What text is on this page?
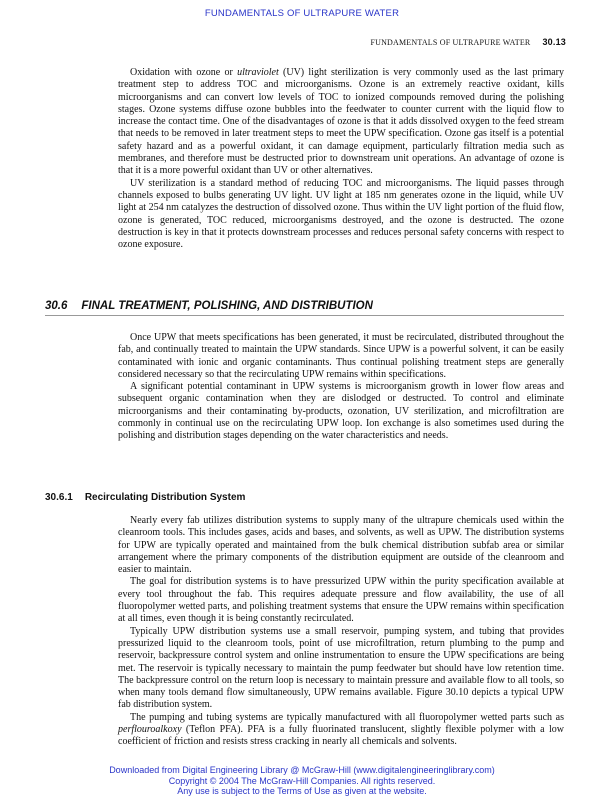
FUNDAMENTALS OF ULTRAPURE WATER
FUNDAMENTALS OF ULTRAPURE WATER 30.13

Oxidation with ozone or ultraviolet (UV) light sterilization is very commonly used as the last primary treatment step to address TOC and microorganisms. Ozone is an extremely reactive oxidant, kills microorganisms and can convert low levels of TOC to ionized compounds removed during the polishing stages. Ozone systems diffuse ozone bubbles into the feedwater to counter current with the liquid flow to increase the contact time. One of the disadvantages of ozone is that it adds dissolved oxygen to the feed stream that needs to be removed in later treatment steps to meet the UPW specification. Ozone gas itself is a potential safety hazard and as a powerful oxidant, it can damage equipment, particularly filtration media such as membranes, and therefore must be destructed prior to downstream unit operations. An advantage of ozone is that it is a more powerful oxidant than UV or other alternatives.

UV sterilization is a standard method of reducing TOC and microorganisms. The liquid passes through channels exposed to bulbs generating UV light. UV light at 185 nm generates ozone in the liquid, while UV light at 254 nm catalyzes the destruction of dissolved ozone. Thus within the UV light portion of the fluid flow, ozone is generated, TOC reduced, microorganisms destroyed, and the ozone is destructed. The ozone destruction is key in that it protects downstream processes and reduces personal safety concerns with respect to ozone exposure.

30.6 FINAL TREATMENT, POLISHING, AND DISTRIBUTION

Once UPW that meets specifications has been generated, it must be recirculated, distributed throughout the fab, and continually treated to maintain the UPW standards. Since UPW is a powerful solvent, it can be easily contaminated with ionic and organic contaminants. Thus continual polishing treatment steps are generally considered necessary so that the recirculating UPW remains within specifications.

A significant potential contaminant in UPW systems is microorganism growth in lower flow areas and subsequent organic contamination when they are dislodged or destructed. To control and eliminate microorganisms and their contaminating by-products, ozonation, UV sterilization, and microfiltration are commonly in continual use on the recirculating UPW loop. Ion exchange is also sometimes used during the polishing and distribution stages depending on the water characteristics and needs.

30.6.1 Recirculating Distribution System

Nearly every fab utilizes distribution systems to supply many of the ultrapure chemicals used within the cleanroom tools. This includes gases, acids and bases, and solvents, as well as UPW. The distribution systems for UPW are typically operated and maintained from the bulk chemical distribution subfab area or similar arrangement where the primary components of the distribution equipment are outside of the cleanroom and easier to maintain.

The goal for distribution systems is to have pressurized UPW within the purity specification available at every tool throughout the fab. This requires adequate pressure and flow availability, the use of all fluoropolymer wetted parts, and polishing treatment systems that ensure the UPW remains within specification at all times, even though it is being constantly recirculated.

Typically UPW distribution systems use a small reservoir, pumping system, and tubing that provides pressurized liquid to the cleanroom tools, point of use microfiltration, return plumbing to the pump and reservoir, backpressure control system and online instrumentation to ensure the UPW specifications are being met. The reservoir is typically necessary to maintain the pump feedwater but should have low retention time. The backpressure control on the return loop is necessary to maintain pressure and available flow to all tools, so when many tools demand flow simultaneously, UPW remains available. Figure 30.10 depicts a typical UPW fab distribution system.

The pumping and tubing systems are typically manufactured with all fluoropolymer wetted parts such as perflouroalkoxy (Teflon PFA). PFA is a fully fluorinated translucent, slightly flexible polymer with a low coefficient of friction and resists stress cracking in nearly all chemicals and solvents.

Downloaded from Digital Engineering Library @ McGraw-Hill (www.digitalengineeringlibrary.com)
Copyright © 2004 The McGraw-Hill Companies. All rights reserved.
Any use is subject to the Terms of Use as given at the website.
